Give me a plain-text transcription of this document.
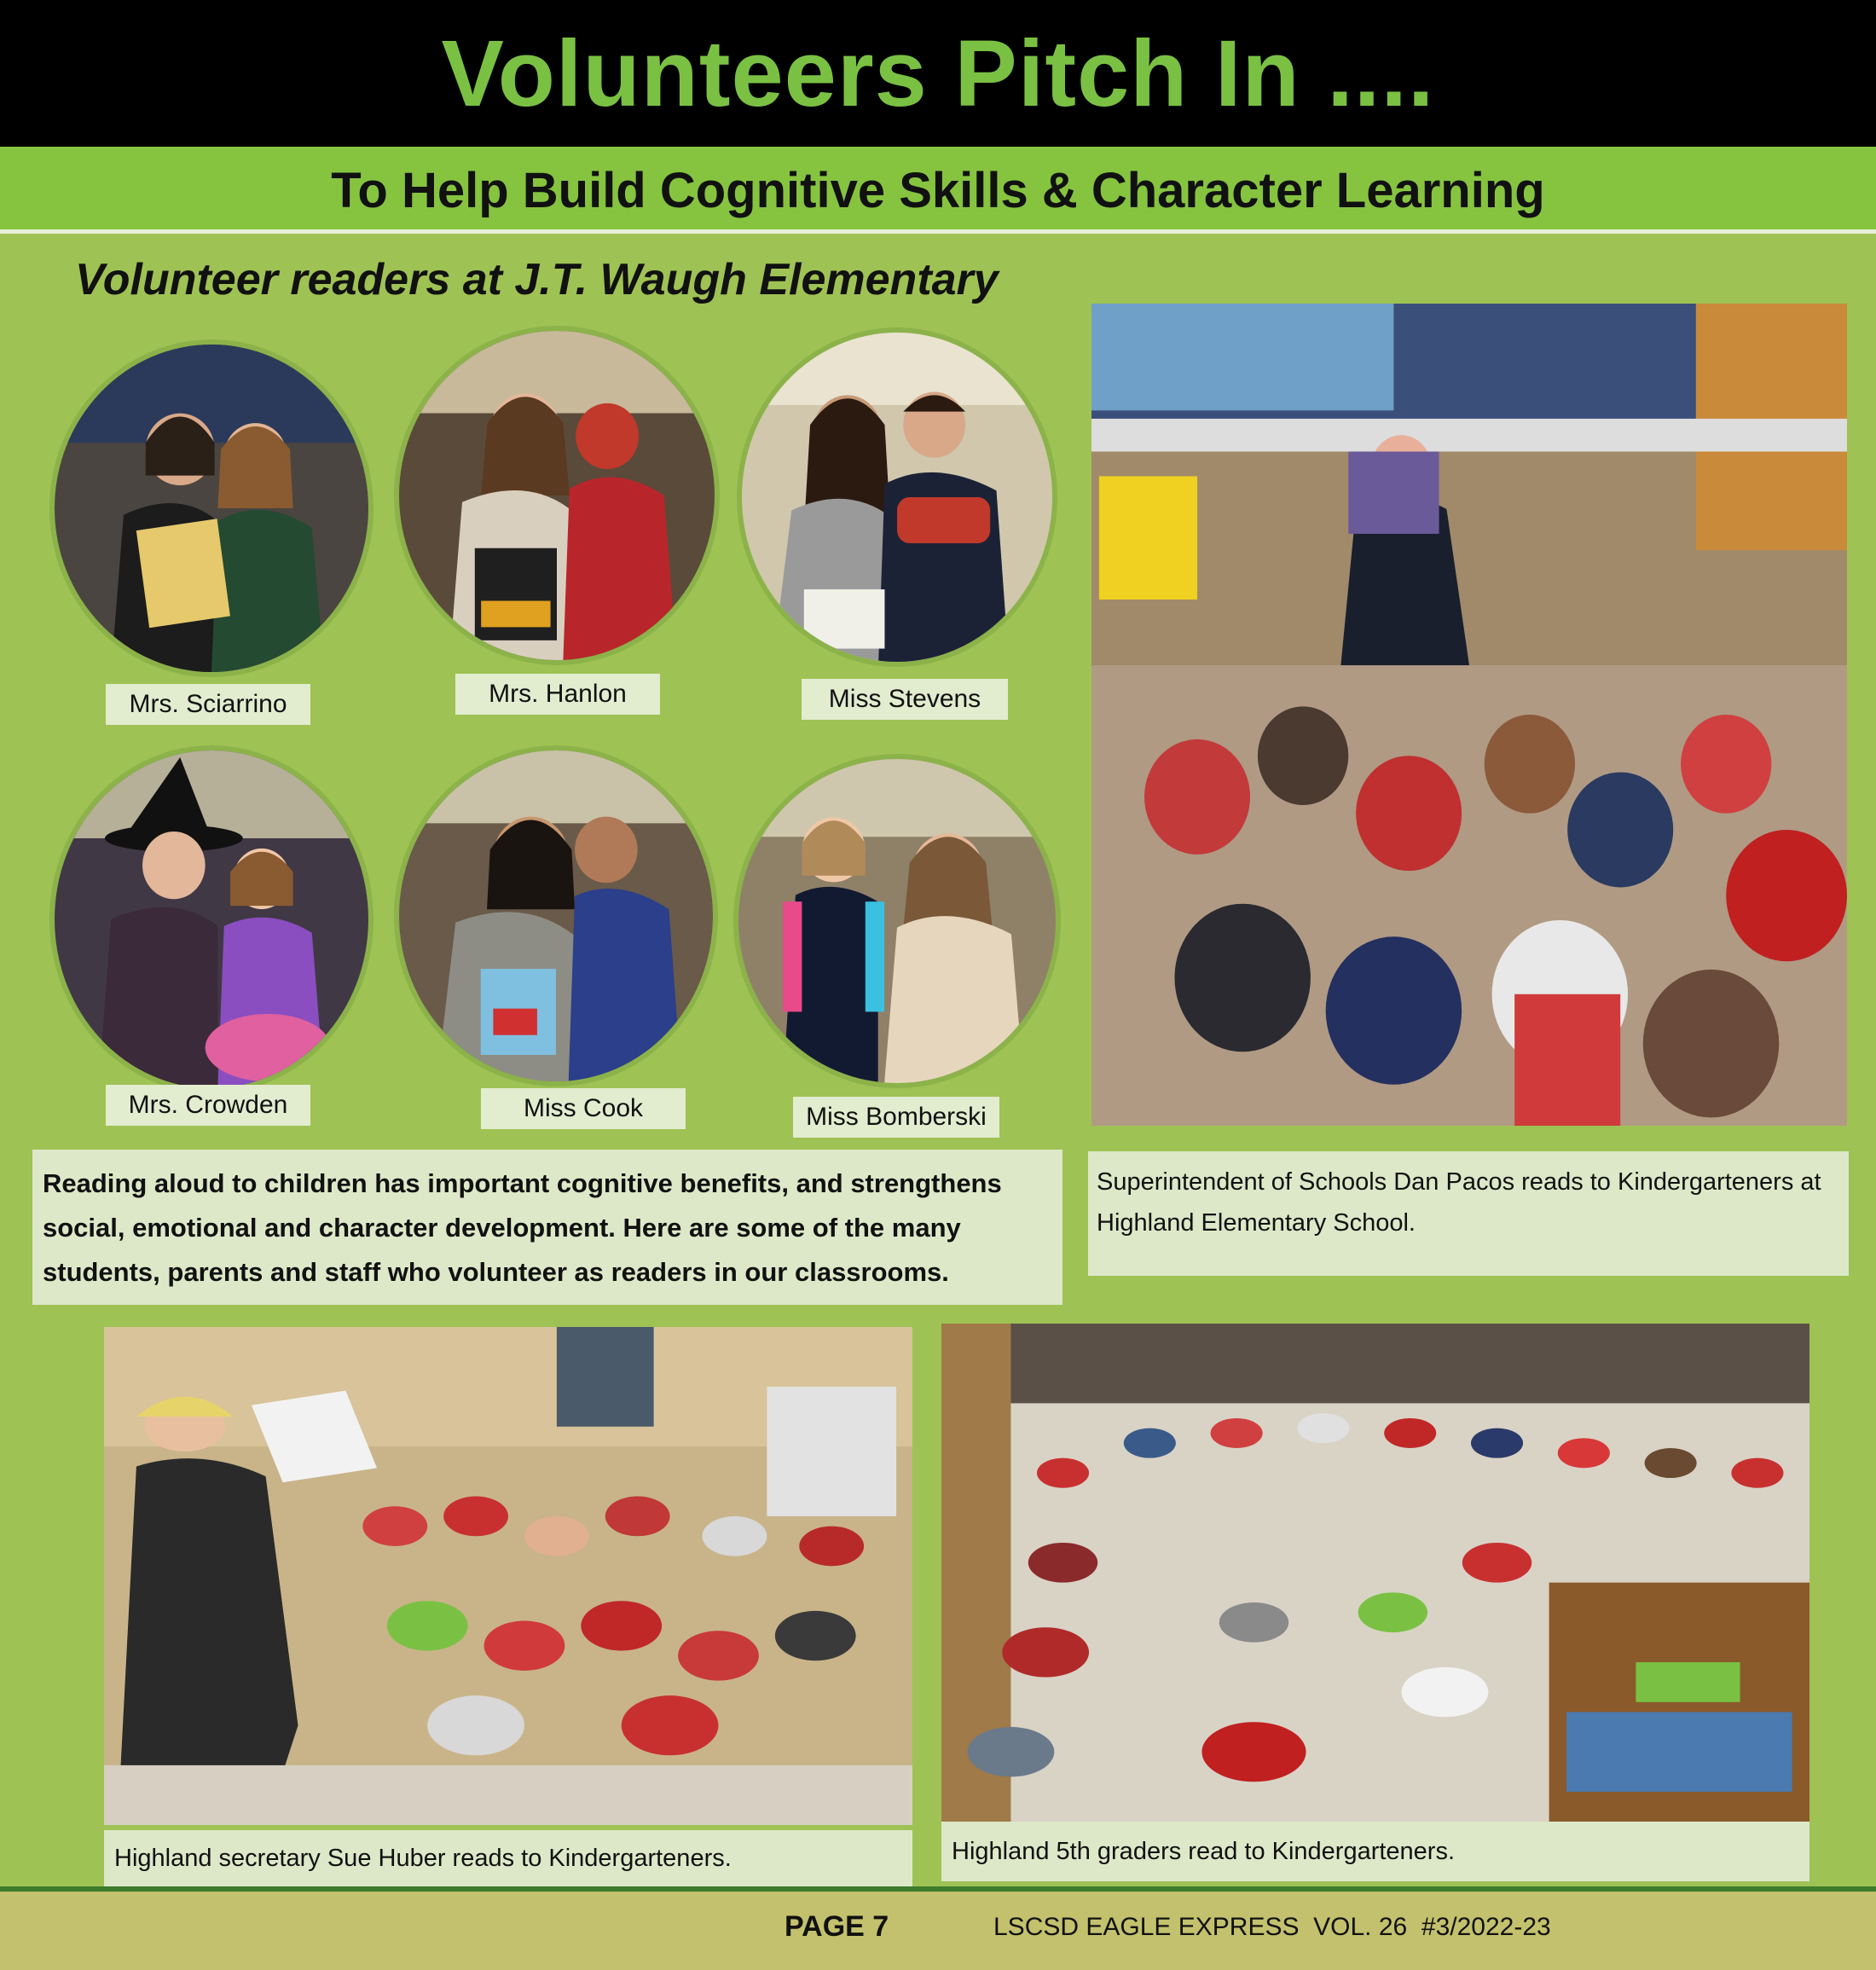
Volunteers Pitch In ....
To Help Build Cognitive Skills & Character Learning
Volunteer readers at J.T. Waugh Elementary
Mrs. Sciarrino	Mrs. Hanlon	Miss Stevens
Mrs. Crowden	Miss Cook	Miss Bomberski
Reading aloud to children has important cognitive benefits, and strengthens social, emotional and character development. Here are some of the many students, parents and staff who volunteer as readers in our classrooms.
Superintendent of Schools Dan Pacos reads to Kindergarteners at Highland Elementary School.
Highland secretary Sue Huber reads to Kindergarteners.	Highland 5th graders read to Kindergarteners.
PAGE 7	LSCSD EAGLE EXPRESS  VOL. 26  #3/2022-23
